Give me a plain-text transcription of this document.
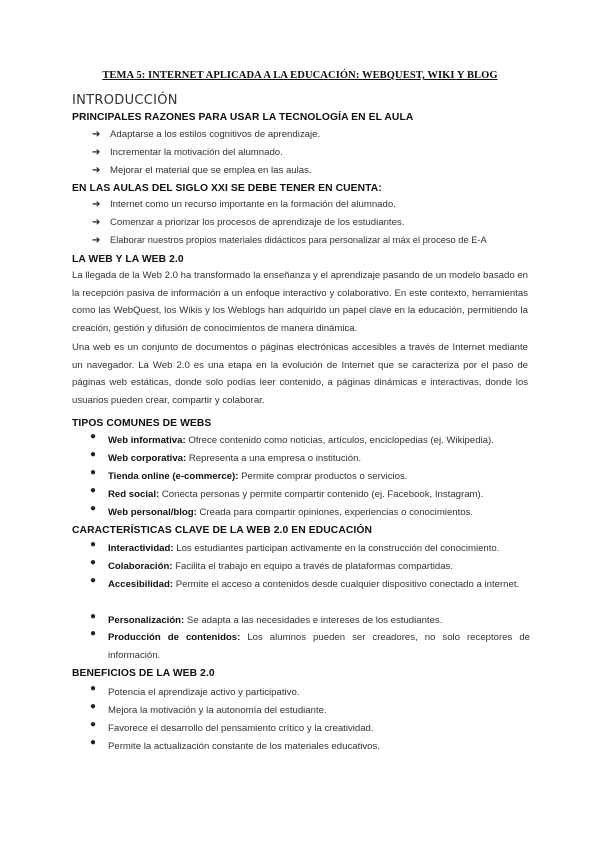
TEMA 5: INTERNET APLICADA A LA EDUCACIÓN: WEBQUEST, WIKI Y BLOG
INTRODUCCIÓN
PRINCIPALES RAZONES PARA USAR LA TECNOLOGÍA EN EL AULA
➔ Adaptarse a los estilos cognitivos de aprendizaje.
➔ Incrementar la motivación del alumnado.
➔ Mejorar el material que se emplea en las aulas.
EN LAS AULAS DEL SIGLO XXI SE DEBE TENER EN CUENTA:
➔ Internet como un recurso importante en la formación del alumnado.
➔ Comenzar a priorizar los procesos de aprendizaje de los estudiantes.
➔ Elaborar nuestros propios materiales didácticos para personalizar al máx el proceso de E-A
LA WEB Y LA WEB 2.0
La llegada de la Web 2.0 ha transformado la enseñanza y el aprendizaje pasando de un modelo basado en la recepción pasiva de información a un enfoque interactivo y colaborativo. En este contexto, herramientas como las WebQuest, los Wikis y los Weblogs han adquirido un papel clave en la educación, permitiendo la creación, gestión y difusión de conocimientos de manera dinámica.
Una web es un conjunto de documentos o páginas electrónicas accesibles a través de Internet mediante un navegador. La Web 2.0 es una etapa en la evolución de Internet que se caracteriza por el paso de páginas web estáticas, donde solo podías leer contenido, a páginas dinámicas e interactivas, donde los usuarios pueden crear, compartir y colaborar.
TIPOS COMUNES DE WEBS
● Web informativa: Ofrece contenido como noticias, artículos, enciclopedias (ej. Wikipedia).
● Web corporativa: Representa a una empresa o institución.
● Tienda online (e-commerce): Permite comprar productos o servicios.
● Red social: Conecta personas y permite compartir contenido (ej. Facebook, Instagram).
● Web personal/blog: Creada para compartir opiniones, experiencias o conocimientos.
CARACTERÍSTICAS CLAVE DE LA WEB 2.0 EN EDUCACIÓN
● Interactividad: Los estudiantes participan activamente en la construcción del conocimiento.
● Colaboración: Facilita el trabajo en equipo a través de plataformas compartidas.
● Accesibilidad: Permite el acceso a contenidos desde cualquier dispositivo conectado a internet.
● Personalización: Se adapta a las necesidades e intereses de los estudiantes.
● Producción de contenidos: Los alumnos pueden ser creadores, no solo receptores de información.
BENEFICIOS DE LA WEB 2.0
● Potencia el aprendizaje activo y participativo.
● Mejora la motivación y la autonomía del estudiante.
● Favorece el desarrollo del pensamiento crítico y la creatividad.
● Permite la actualización constante de los materiales educativos.
